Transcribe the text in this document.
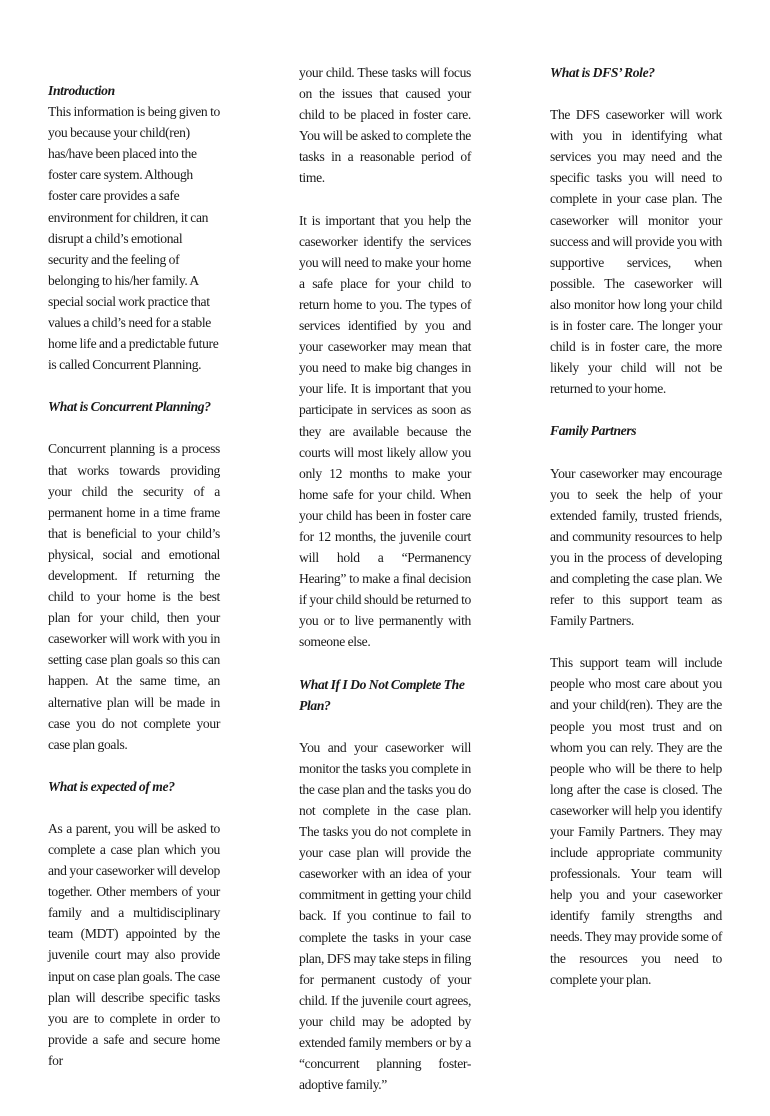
Introduction
This information is being given to you because your child(ren) has/have been placed into the foster care system. Although foster care provides a safe environment for children, it can disrupt a child’s emotional security and the feeling of belonging to his/her family. A special social work practice that values a child’s need for a stable home life and a predictable future is called Concurrent Planning.
What is Concurrent Planning?
Concurrent planning is a process that works towards providing your child the security of a permanent home in a time frame that is beneficial to your child’s physical, social and emotional development. If returning the child to your home is the best plan for your child, then your caseworker will work with you in setting case plan goals so this can happen. At the same time, an alternative plan will be made in case you do not complete your case plan goals.
What is expected of me?
As a parent, you will be asked to complete a case plan which you and your caseworker will develop together. Other members of your family and a multidisciplinary team (MDT) appointed by the juvenile court may also provide input on case plan goals. The case plan will describe specific tasks you are to complete in order to provide a safe and secure home for
your child. These tasks will focus on the issues that caused your child to be placed in foster care. You will be asked to complete the tasks in a reasonable period of time.
It is important that you help the caseworker identify the services you will need to make your home a safe place for your child to return home to you. The types of services identified by you and your caseworker may mean that you need to make big changes in your life. It is important that you participate in services as soon as they are available because the courts will most likely allow you only 12 months to make your home safe for your child. When your child has been in foster care for 12 months, the juvenile court will hold a “Permanency Hearing” to make a final decision if your child should be returned to you or to live permanently with someone else.
What If I Do Not Complete The Plan?
You and your caseworker will monitor the tasks you complete in the case plan and the tasks you do not complete in the case plan. The tasks you do not complete in your case plan will provide the caseworker with an idea of your commitment in getting your child back. If you continue to fail to complete the tasks in your case plan, DFS may take steps in filing for permanent custody of your child. If the juvenile court agrees, your child may be adopted by extended family members or by a “concurrent planning foster-adoptive family.”
What is DFS’ Role?
The DFS caseworker will work with you in identifying what services you may need and the specific tasks you will need to complete in your case plan. The caseworker will monitor your success and will provide you with supportive services, when possible. The caseworker will also monitor how long your child is in foster care. The longer your child is in foster care, the more likely your child will not be returned to your home.
Family Partners
Your caseworker may encourage you to seek the help of your extended family, trusted friends, and community resources to help you in the process of developing and completing the case plan. We refer to this support team as Family Partners.
This support team will include people who most care about you and your child(ren). They are the people you most trust and on whom you can rely. They are the people who will be there to help long after the case is closed. The caseworker will help you identify your Family Partners. They may include appropriate community professionals. Your team will help you and your caseworker identify family strengths and needs. They may provide some of the resources you need to complete your plan.
